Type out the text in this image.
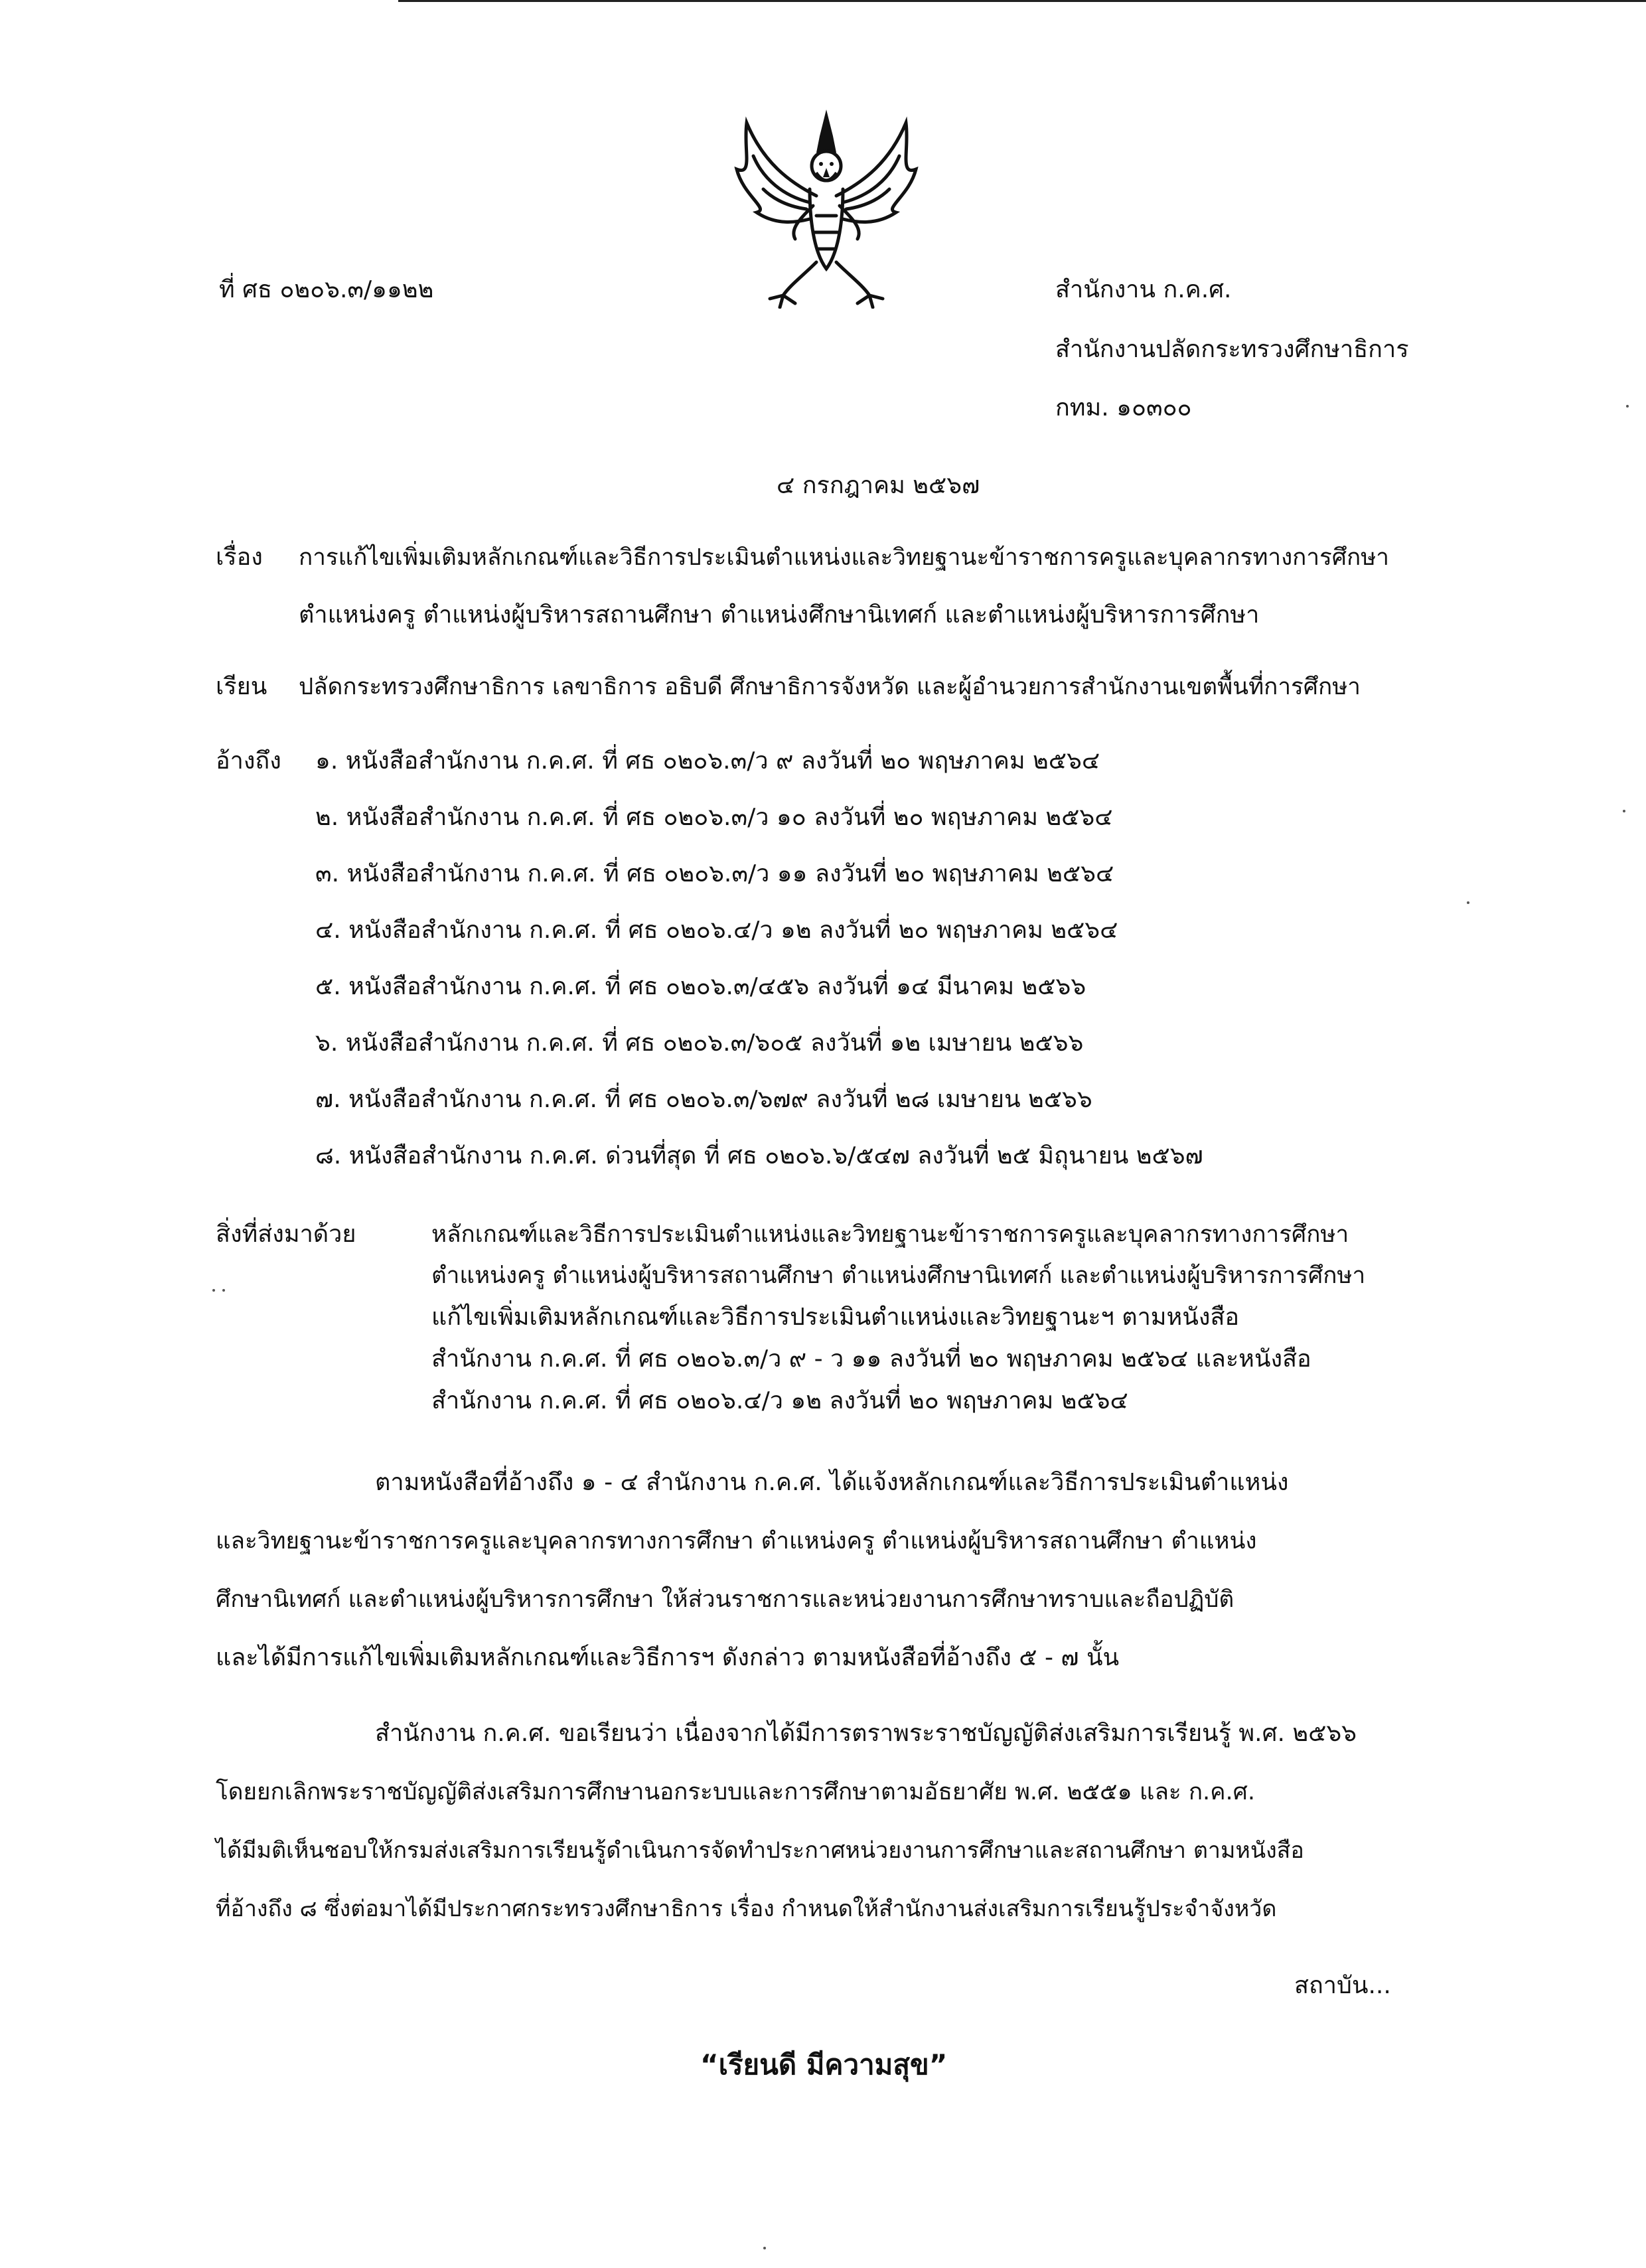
ที่ ศธ ๐๒๐๖.๓/๑๑๒๒	สำนักงาน ก.ค.ศ.
สำนักงานปลัดกระทรวงศึกษาธิการ
กทม. ๑๐๓๐๐
๔ กรกฎาคม ๒๕๖๗
เรื่อง การแก้ไขเพิ่มเติมหลักเกณฑ์และวิธีการประเมินตำแหน่งและวิทยฐานะข้าราชการครูและบุคลากรทางการศึกษา
ตำแหน่งครู ตำแหน่งผู้บริหารสถานศึกษา ตำแหน่งศึกษานิเทศก์ และตำแหน่งผู้บริหารการศึกษา
เรียน ปลัดกระทรวงศึกษาธิการ เลขาธิการ อธิบดี ศึกษาธิการจังหวัด และผู้อำนวยการสำนักงานเขตพื้นที่การศึกษา
อ้างถึง ๑. หนังสือสำนักงาน ก.ค.ศ. ที่ ศธ ๐๒๐๖.๓/ว ๙ ลงวันที่ ๒๐ พฤษภาคม ๒๕๖๔
๒. หนังสือสำนักงาน ก.ค.ศ. ที่ ศธ ๐๒๐๖.๓/ว ๑๐ ลงวันที่ ๒๐ พฤษภาคม ๒๕๖๔
๓. หนังสือสำนักงาน ก.ค.ศ. ที่ ศธ ๐๒๐๖.๓/ว ๑๑ ลงวันที่ ๒๐ พฤษภาคม ๒๕๖๔
๔. หนังสือสำนักงาน ก.ค.ศ. ที่ ศธ ๐๒๐๖.๔/ว ๑๒ ลงวันที่ ๒๐ พฤษภาคม ๒๕๖๔
๕. หนังสือสำนักงาน ก.ค.ศ. ที่ ศธ ๐๒๐๖.๓/๔๕๖ ลงวันที่ ๑๔ มีนาคม ๒๕๖๖
๖. หนังสือสำนักงาน ก.ค.ศ. ที่ ศธ ๐๒๐๖.๓/๖๐๕ ลงวันที่ ๑๒ เมษายน ๒๕๖๖
๗. หนังสือสำนักงาน ก.ค.ศ. ที่ ศธ ๐๒๐๖.๓/๖๗๙ ลงวันที่ ๒๘ เมษายน ๒๕๖๖
๘. หนังสือสำนักงาน ก.ค.ศ. ด่วนที่สุด ที่ ศธ ๐๒๐๖.๖/๕๔๗ ลงวันที่ ๒๕ มิถุนายน ๒๕๖๗
สิ่งที่ส่งมาด้วย	หลักเกณฑ์และวิธีการประเมินตำแหน่งและวิทยฐานะข้าราชการครูและบุคลากรทางการศึกษา
ตำแหน่งครู ตำแหน่งผู้บริหารสถานศึกษา ตำแหน่งศึกษานิเทศก์ และตำแหน่งผู้บริหารการศึกษา
แก้ไขเพิ่มเติมหลักเกณฑ์และวิธีการประเมินตำแหน่งและวิทยฐานะฯ ตามหนังสือ
สำนักงาน ก.ค.ศ. ที่ ศธ ๐๒๐๖.๓/ว ๙ - ว ๑๑ ลงวันที่ ๒๐ พฤษภาคม ๒๕๖๔ และหนังสือ
สำนักงาน ก.ค.ศ. ที่ ศธ ๐๒๐๖.๔/ว ๑๒ ลงวันที่ ๒๐ พฤษภาคม ๒๕๖๔
ตามหนังสือที่อ้างถึง ๑ - ๔ สำนักงาน ก.ค.ศ. ได้แจ้งหลักเกณฑ์และวิธีการประเมินตำแหน่ง
และวิทยฐานะข้าราชการครูและบุคลากรทางการศึกษา ตำแหน่งครู ตำแหน่งผู้บริหารสถานศึกษา ตำแหน่ง
ศึกษานิเทศก์ และตำแหน่งผู้บริหารการศึกษา ให้ส่วนราชการและหน่วยงานการศึกษาทราบและถือปฏิบัติ
และได้มีการแก้ไขเพิ่มเติมหลักเกณฑ์และวิธีการฯ ดังกล่าว ตามหนังสือที่อ้างถึง ๕ - ๗ นั้น
สำนักงาน ก.ค.ศ. ขอเรียนว่า เนื่องจากได้มีการตราพระราชบัญญัติส่งเสริมการเรียนรู้ พ.ศ. ๒๕๖๖
โดยยกเลิกพระราชบัญญัติส่งเสริมการศึกษานอกระบบและการศึกษาตามอัธยาศัย พ.ศ. ๒๕๕๑ และ ก.ค.ศ.
ได้มีมติเห็นชอบให้กรมส่งเสริมการเรียนรู้ดำเนินการจัดทำประกาศหน่วยงานการศึกษาและสถานศึกษา ตามหนังสือ
ที่อ้างถึง ๘ ซึ่งต่อมาได้มีประกาศกระทรวงศึกษาธิการ เรื่อง กำหนดให้สำนักงานส่งเสริมการเรียนรู้ประจำจังหวัด
สถาบัน...
“เรียนดี มีความสุข”
